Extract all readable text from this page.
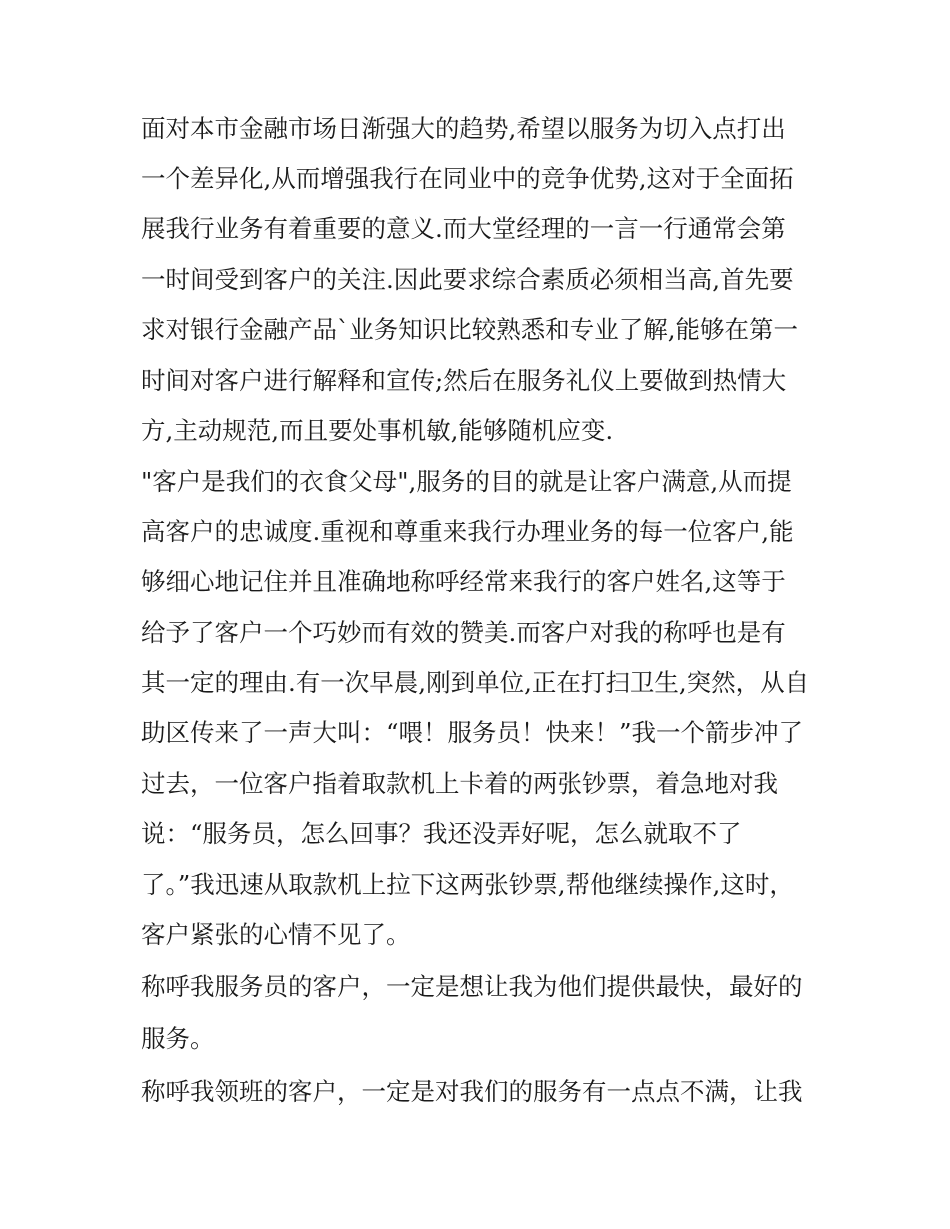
面对本市金融市场日渐强大的趋势,希望以服务为切入点打出
一个差异化,从而增强我行在同业中的竞争优势,这对于全面拓
展我行业务有着重要的意义.而大堂经理的一言一行通常会第
一时间受到客户的关注.因此要求综合素质必须相当高,首先要
求对银行金融产品`业务知识比较熟悉和专业了解,能够在第一
时间对客户进行解释和宣传;然后在服务礼仪上要做到热情大
方,主动规范,而且要处事机敏,能够随机应变.
"客户是我们的衣食父母",服务的目的就是让客户满意,从而提
高客户的忠诚度.重视和尊重来我行办理业务的每一位客户,能
够细心地记住并且准确地称呼经常来我行的客户姓名,这等于
给予了客户一个巧妙而有效的赞美.而客户对我的称呼也是有
其一定的理由.有一次早晨,刚到单位,正在打扫卫生,突然，从自
助区传来了一声大叫：“喂！服务员！快来！”我一个箭步冲了
过去，一位客户指着取款机上卡着的两张钞票，着急地对我
说：“服务员，怎么回事？我还没弄好呢，怎么就取不了
了。”我迅速从取款机上拉下这两张钞票,帮他继续操作,这时，
客户紧张的心情不见了。
称呼我服务员的客户，一定是想让我为他们提供最快，最好的
服务。
称呼我领班的客户，一定是对我们的服务有一点点不满，让我
